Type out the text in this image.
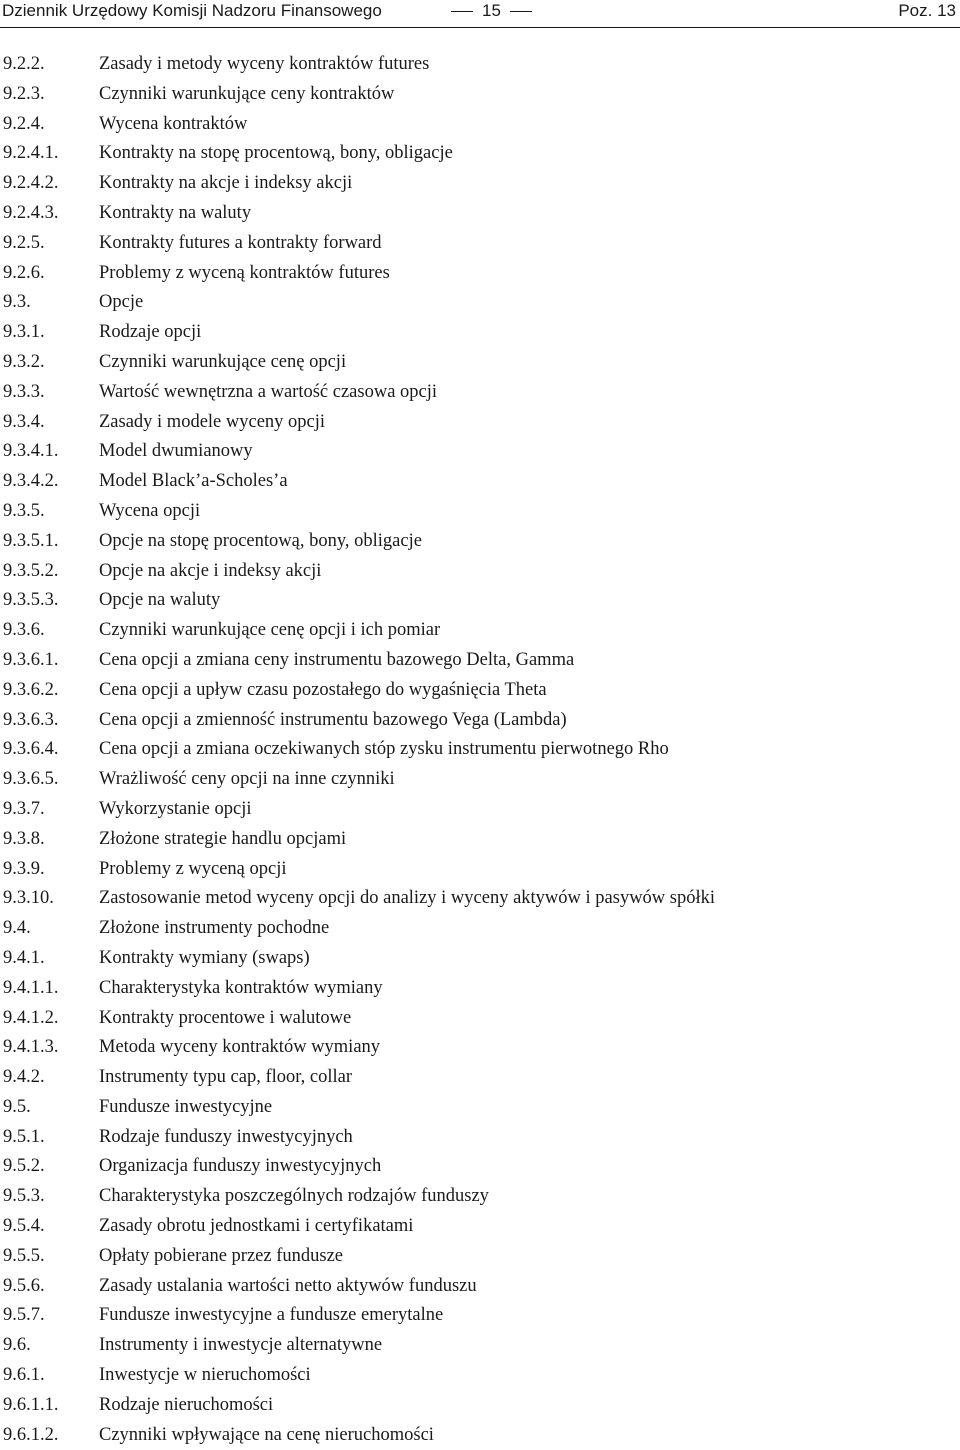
Dziennik Urzędowy Komisji Nadzoru Finansowego	15	Poz. 13
9.2.2.	Zasady i metody wyceny kontraktów futures
9.2.3.	Czynniki warunkujące ceny kontraktów
9.2.4.	Wycena kontraktów
9.2.4.1. Kontrakty na stopę procentową, bony, obligacje
9.2.4.2. Kontrakty na akcje i indeksy akcji
9.2.4.3. Kontrakty na waluty
9.2.5.	Kontrakty futures a kontrakty forward
9.2.6.	Problemy z wyceną kontraktów futures
9.3.	Opcje
9.3.1.	Rodzaje opcji
9.3.2.	Czynniki warunkujące cenę opcji
9.3.3.	Wartość wewnętrzna a wartość czasowa opcji
9.3.4.	Zasady i modele wyceny opcji
9.3.4.1. Model dwumianowy
9.3.4.2. Model Black’a-Scholes’a
9.3.5.	Wycena opcji
9.3.5.1. Opcje na stopę procentową, bony, obligacje
9.3.5.2. Opcje na akcje i indeksy akcji
9.3.5.3. Opcje na waluty
9.3.6.	Czynniki warunkujące cenę opcji i ich pomiar
9.3.6.1. Cena opcji a zmiana ceny instrumentu bazowego Delta, Gamma
9.3.6.2. Cena opcji a upływ czasu pozostałego do wygaśnięcia Theta
9.3.6.3. Cena opcji a zmienność instrumentu bazowego Vega (Lambda)
9.3.6.4. Cena opcji a zmiana oczekiwanych stóp zysku instrumentu pierwotnego Rho
9.3.6.5. Wrażliwość ceny opcji na inne czynniki
9.3.7.	Wykorzystanie opcji
9.3.8.	Złożone strategie handlu opcjami
9.3.9.	Problemy z wyceną opcji
9.3.10. Zastosowanie metod wyceny opcji do analizy i wyceny aktywów i pasywów spółki
9.4.	Złożone instrumenty pochodne
9.4.1.	Kontrakty wymiany (swaps)
9.4.1.1. Charakterystyka kontraktów wymiany
9.4.1.2. Kontrakty procentowe i walutowe
9.4.1.3. Metoda wyceny kontraktów wymiany
9.4.2.	Instrumenty typu cap, floor, collar
9.5.	Fundusze inwestycyjne
9.5.1.	Rodzaje funduszy inwestycyjnych
9.5.2.	Organizacja funduszy inwestycyjnych
9.5.3.	Charakterystyka poszczególnych rodzajów funduszy
9.5.4.	Zasady obrotu jednostkami i certyfikatami
9.5.5.	Opłaty pobierane przez fundusze
9.5.6.	Zasady ustalania wartości netto aktywów funduszu
9.5.7.	Fundusze inwestycyjne a fundusze emerytalne
9.6.	Instrumenty i inwestycje alternatywne
9.6.1.	Inwestycje w nieruchomości
9.6.1.1. Rodzaje nieruchomości
9.6.1.2. Czynniki wpływające na cenę nieruchomości
